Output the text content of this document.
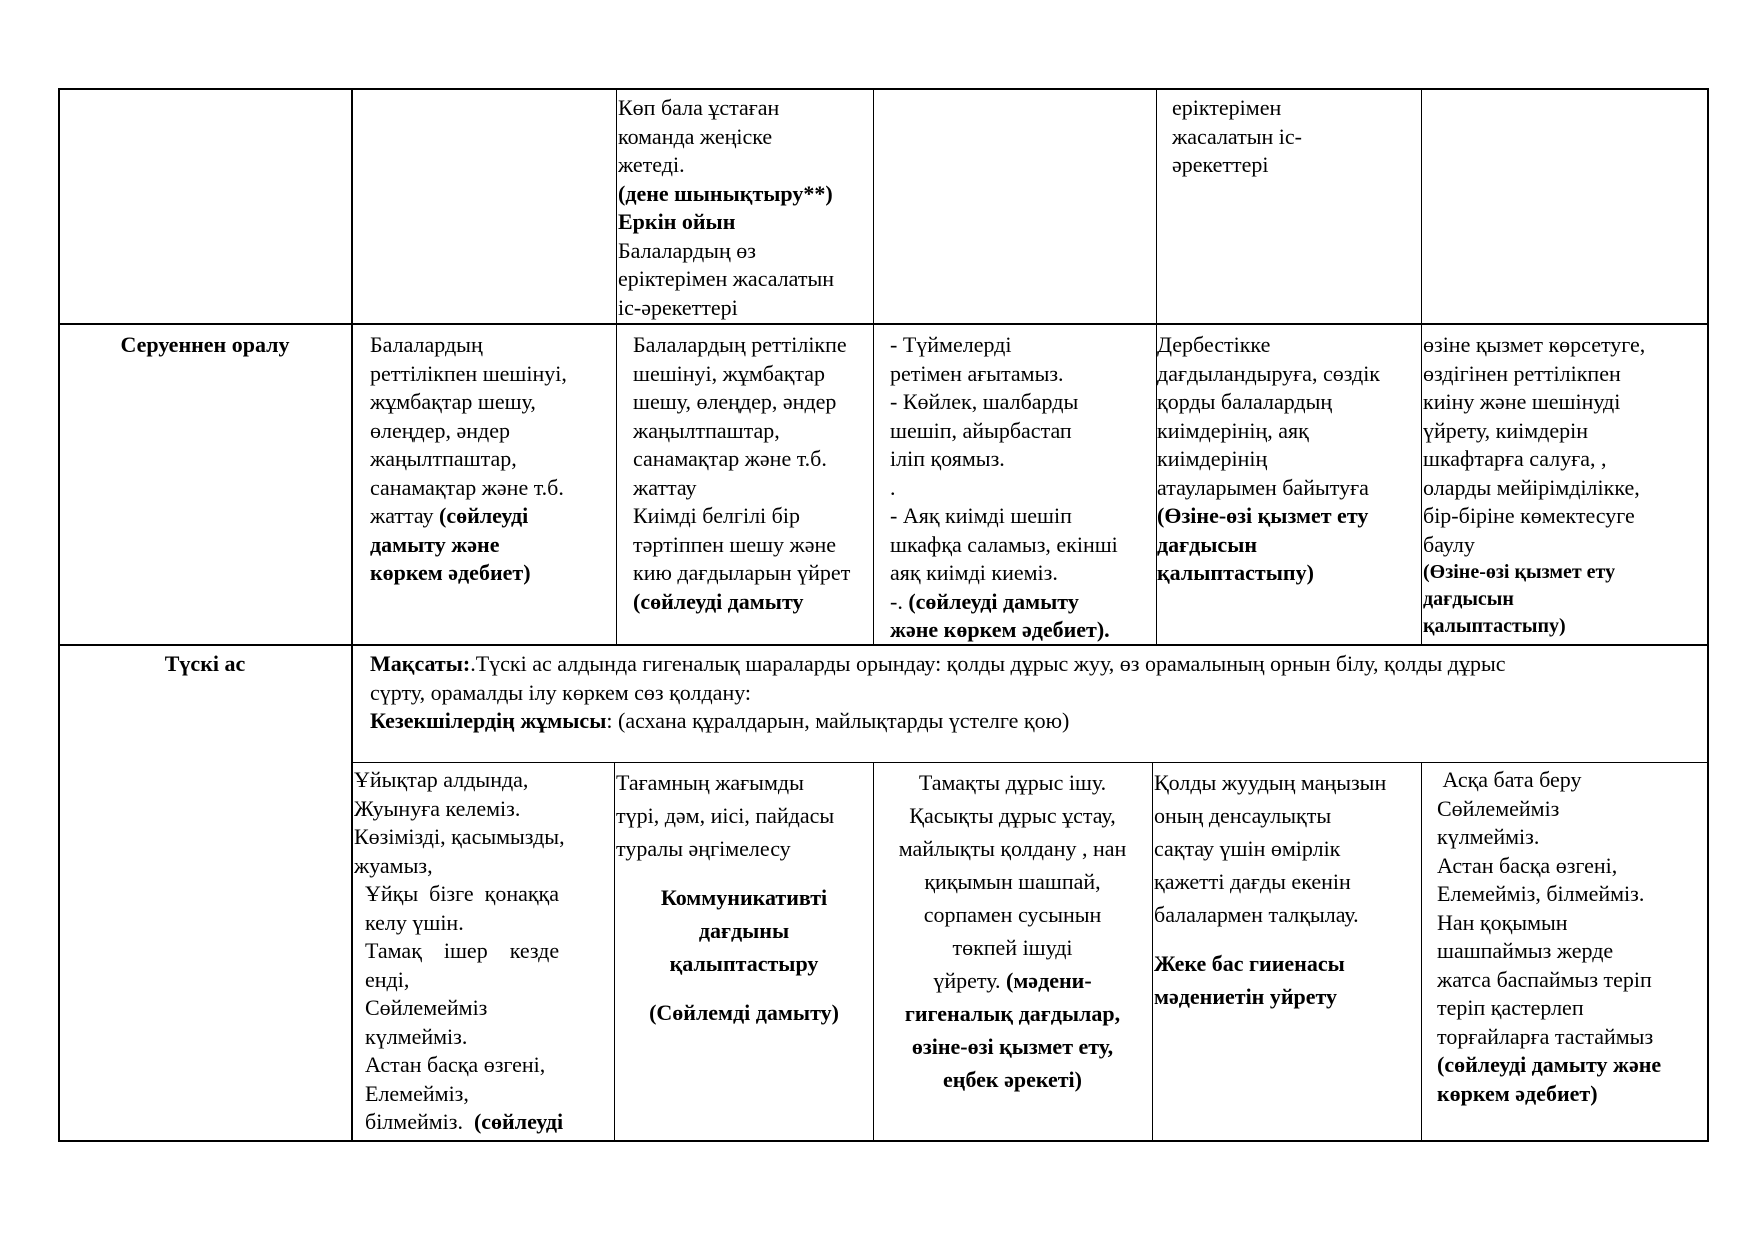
Көп бала ұстаған
команда жеңіске
жетеді.
(дене шынықтыру**)
Еркін ойын
Балалардың өз
еріктерімен жасалатын
іс-әрекеттері
еріктерімен
жасалатын іс-
әрекеттері
Серуеннен оралу	Балалардың
реттілікпен шешінуі,
жұмбақтар шешу,
өлеңдер, әндер
жаңылтпаштар,
санамақтар және т.б.
жаттау (сөйлеуді
дамыту және
көркем әдебиет)
Балалардың реттілікпе
шешінуі, жұмбақтар
шешу, өлеңдер, әндер
жаңылтпаштар,
санамақтар және т.б.
жаттау
Киімді белгілі бір
тәртіппен шешу және
кию дағдыларын үйрет
(сөйлеуді дамыту
- Түймелерді
ретімен ағытамыз.
- Көйлек, шалбарды
шешіп, айырбастап
іліп қоямыз.
.
- Аяқ киімді шешіп
шкафқа саламыз, екінші
аяқ киімді киеміз.
-. (сөйлеуді дамыту
және көркем әдебиет).
Дербестікке
дағдыландыруға, сөздік
қорды балалардың
киімдерінің, аяқ
киімдерінің
атауларымен байытуға
(Өзіне-өзі қызмет ету
дағдысын
қалыптастыпу)
өзіне қызмет көрсетуге,
өздігінен реттілікпен
киіну және шешінуді
үйрету, киімдерін
шкафтарға салуға, ,
оларды мейірімділікке,
бір-біріне көмектесуге
баулу
(Өзіне-өзі қызмет ету
дағдысын
қалыптастыпу)
Түскі ас	Мақсаты:.Түскі ас алдында гигеналық шараларды орындау: қолды дұрыс жуу, өз орамалының орнын білу, қолды дұрыс
сүрту, орамалды ілу көркем сөз қолдану:
Кезекшілердің жұмысы: (асхана құралдарын, майлықтарды үстелге қою)
Ұйықтар алдында,
Жуынуға келеміз.
Көзімізді, қасымызды,
жуамыз,
Ұйқы  бізге  қонаққа
келу үшін.
Тамақ    ішер    кезде
енді,
Сөйлемейміз
күлмейміз.
Астан басқа өзгені,
Елемейміз,
білмейміз.  (сөйлеуді
Тағамның жағымды
түрі, дәм, иісі, пайдасы
туралы әңгімелесу
Коммуникативті
дағдыны
қалыптастыру
(Сөйлемді дамыту)
Тамақты дұрыс ішу.
Қасықты дұрыс ұстау,
майлықты қолдану , нан
қиқымын шашпай,
сорпамен сусынын
төкпей ішуді
үйрету. (мәдени-
гигеналық дағдылар,
өзіне-өзі қызмет ету,
еңбек әрекеті)
Қолды жуудың маңызын
оның денсаулықты
сақтау үшін өмірлік
қажетті дағды екенін
балалармен талқылау.
Жеке бас гииенасы
мәдениетін уйрету
Асқа бата беру
Сөйлемейміз
күлмейміз.
Астан басқа өзгені,
Елемейміз, білмейміз.
Нан қоқымын
шашпаймыз жерде
жатса баспаймыз теріп
теріп қастерлеп
торғайларға тастаймыз
(сөйлеуді дамыту және
көркем әдебиет)
